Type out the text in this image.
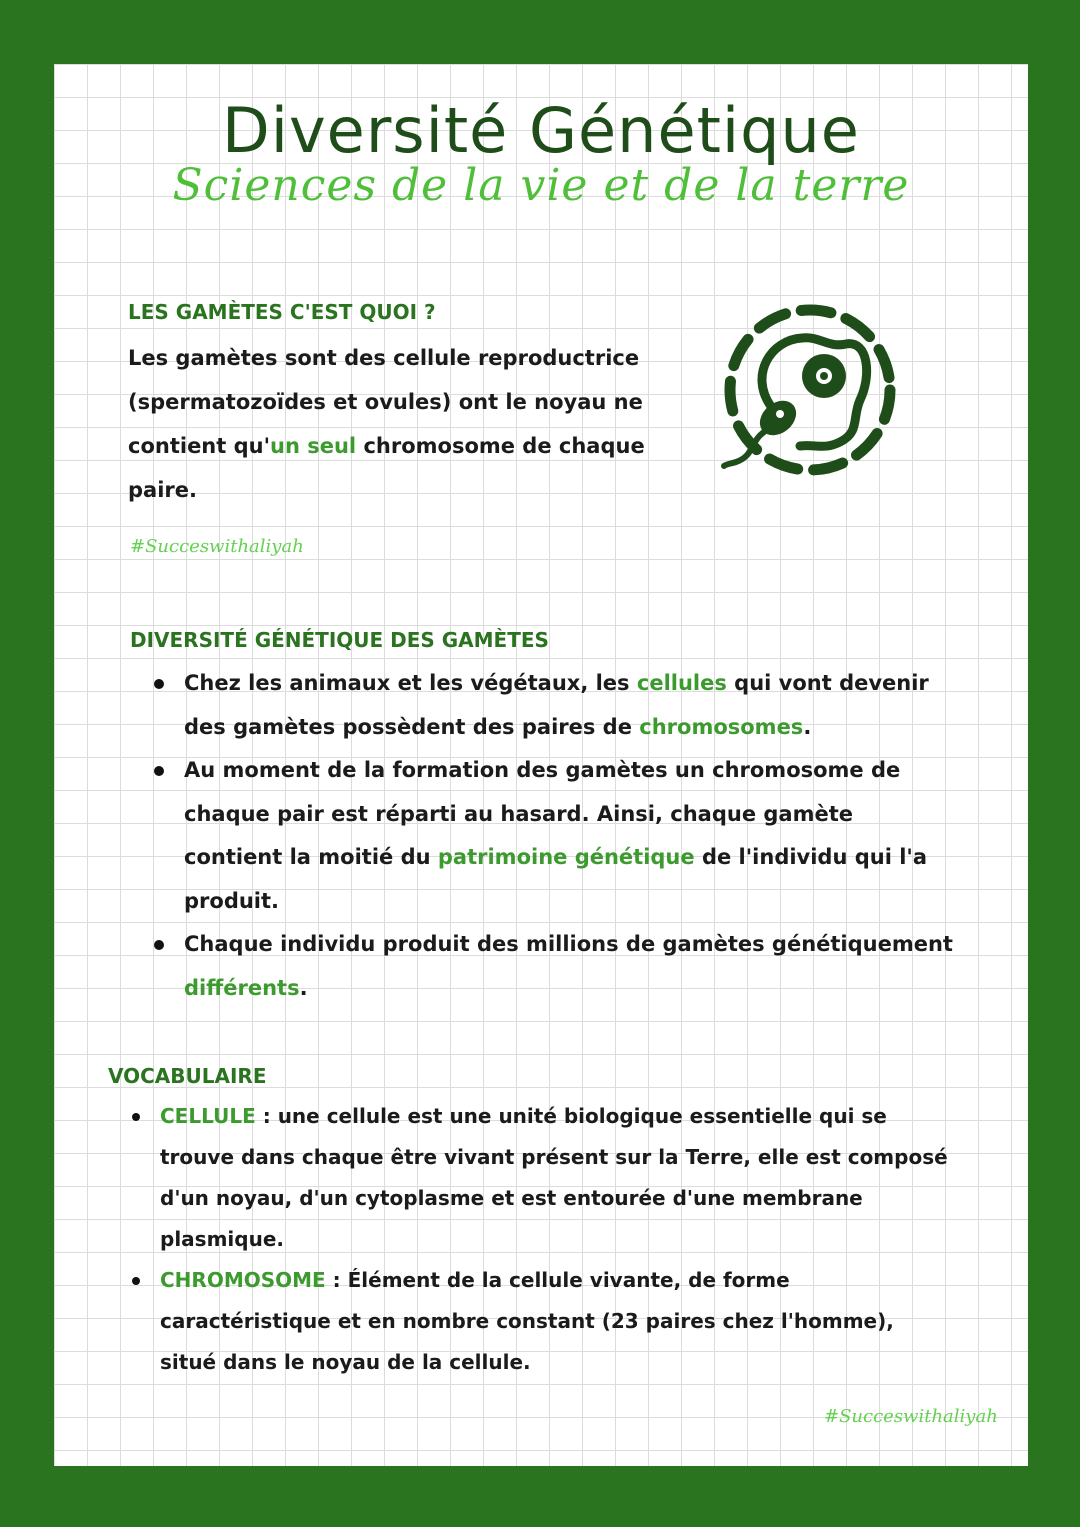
Diversité Génétique
Sciences de la vie et de la terre
LES GAMÈTES C'EST QUOI ?
Les gamètes sont des cellule reproductrice (spermatozoïdes et ovules) ont le noyau ne contient qu'un seul chromosome de chaque paire.
#Succeswithaliyah
DIVERSITÉ GÉNÉTIQUE DES GAMÈTES
Chez les animaux et les végétaux, les cellules qui vont devenir des gamètes possèdent des paires de chromosomes.
Au moment de la formation des gamètes un chromosome de chaque pair est réparti au hasard. Ainsi, chaque gamète contient la moitié du patrimoine génétique de l'individu qui l'a produit.
Chaque individu produit des millions de gamètes génétiquement différents.
VOCABULAIRE
CELLULE : une cellule est une unité biologique essentielle qui se trouve dans chaque être vivant présent sur la Terre, elle est composé d'un noyau, d'un cytoplasme et est entourée d'une membrane plasmique.
CHROMOSOME : Élément de la cellule vivante, de forme caractéristique et en nombre constant (23 paires chez l'homme), situé dans le noyau de la cellule.
#Succeswithaliyah
